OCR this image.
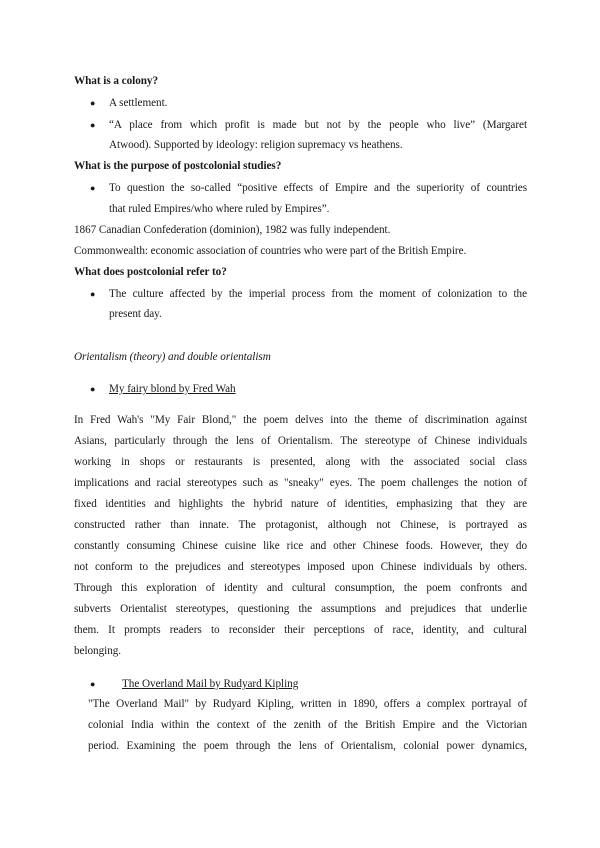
What is a colony?
● A settlement.
● “A place from which profit is made but not by the people who live” (Margaret
Atwood). Supported by ideology: religion supremacy vs heathens.
What is the purpose of postcolonial studies?
● To question the so-called “positive effects of Empire and the superiority of countries
that ruled Empires/who where ruled by Empires”.
1867 Canadian Confederation (dominion), 1982 was fully independent.
Commonwealth: economic association of countries who were part of the British Empire.
What does postcolonial refer to?
● The culture affected by the imperial process from the moment of colonization to the
present day.
Orientalism (theory) and double orientalism
● My fairy blond by Fred Wah
In Fred Wah's "My Fair Blond," the poem delves into the theme of discrimination against
Asians, particularly through the lens of Orientalism. The stereotype of Chinese individuals
working in shops or restaurants is presented, along with the associated social class
implications and racial stereotypes such as "sneaky" eyes. The poem challenges the notion of
fixed identities and highlights the hybrid nature of identities, emphasizing that they are
constructed rather than innate. The protagonist, although not Chinese, is portrayed as
constantly consuming Chinese cuisine like rice and other Chinese foods. However, they do
not conform to the prejudices and stereotypes imposed upon Chinese individuals by others.
Through this exploration of identity and cultural consumption, the poem confronts and
subverts Orientalist stereotypes, questioning the assumptions and prejudices that underlie
them. It prompts readers to reconsider their perceptions of race, identity, and cultural
belonging.
● The Overland Mail by Rudyard Kipling
"The Overland Mail" by Rudyard Kipling, written in 1890, offers a complex portrayal of
colonial India within the context of the zenith of the British Empire and the Victorian
period. Examining the poem through the lens of Orientalism, colonial power dynamics,
